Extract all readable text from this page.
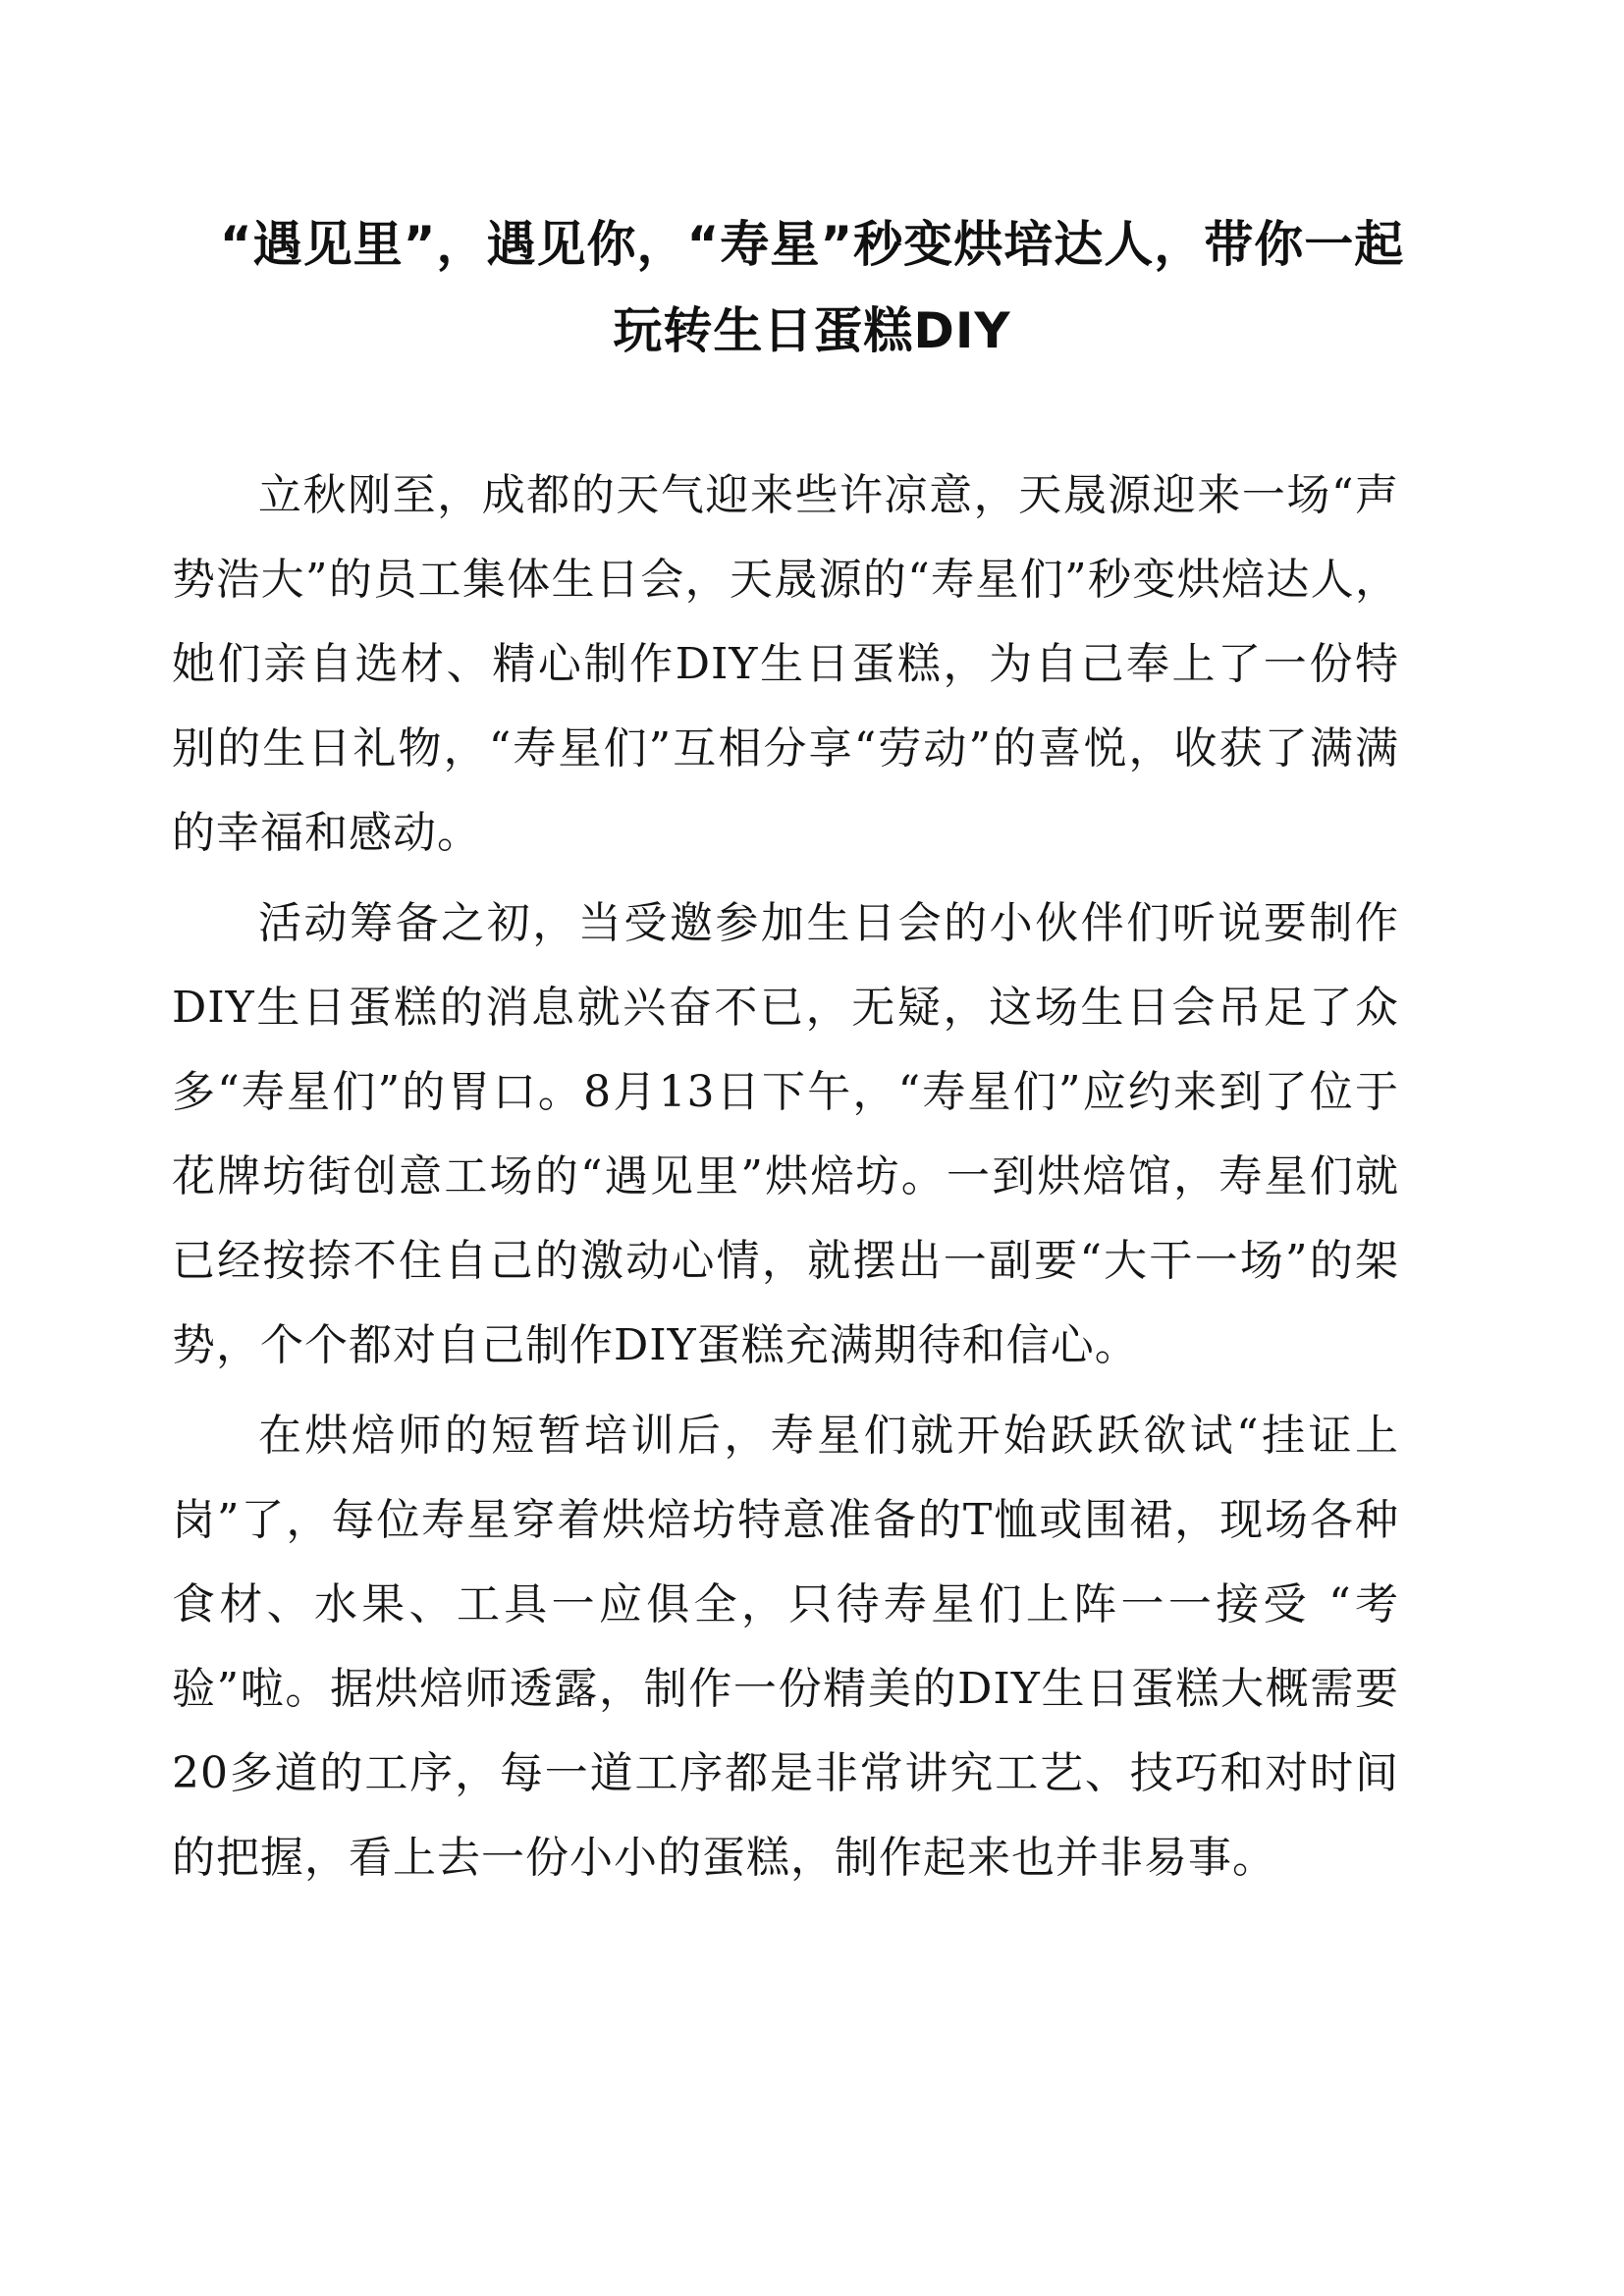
“遇见里”，遇见你，“寿星”秒变烘培达人，带你一起
玩转生日蛋糕DIY

立秋刚至，成都的天气迎来些许凉意，天晟源迎来一场“声势浩大”的员工集体生日会，天晟源的“寿星们”秒变烘焙达人，她们亲自选材、精心制作DIY生日蛋糕，为自己奉上了一份特别的生日礼物，“寿星们”互相分享“劳动”的喜悦，收获了满满的幸福和感动。

活动筹备之初，当受邀参加生日会的小伙伴们听说要制作DIY生日蛋糕的消息就兴奋不已，无疑，这场生日会吊足了众多“寿星们”的胃口。8月13日下午，“寿星们”应约来到了位于花牌坊街创意工场的“遇见里”烘焙坊。一到烘焙馆，寿星们就已经按捺不住自己的激动心情，就摆出一副要“大干一场”的架势，个个都对自己制作DIY蛋糕充满期待和信心。

在烘焙师的短暂培训后，寿星们就开始跃跃欲试“挂证上岗”了，每位寿星穿着烘焙坊特意准备的T恤或围裙，现场各种食材、水果、工具一应俱全，只待寿星们上阵一一接受 “考验”啦。据烘焙师透露，制作一份精美的DIY生日蛋糕大概需要20多道的工序，每一道工序都是非常讲究工艺、技巧和对时间的把握，看上去一份小小的蛋糕，制作起来也并非易事。
